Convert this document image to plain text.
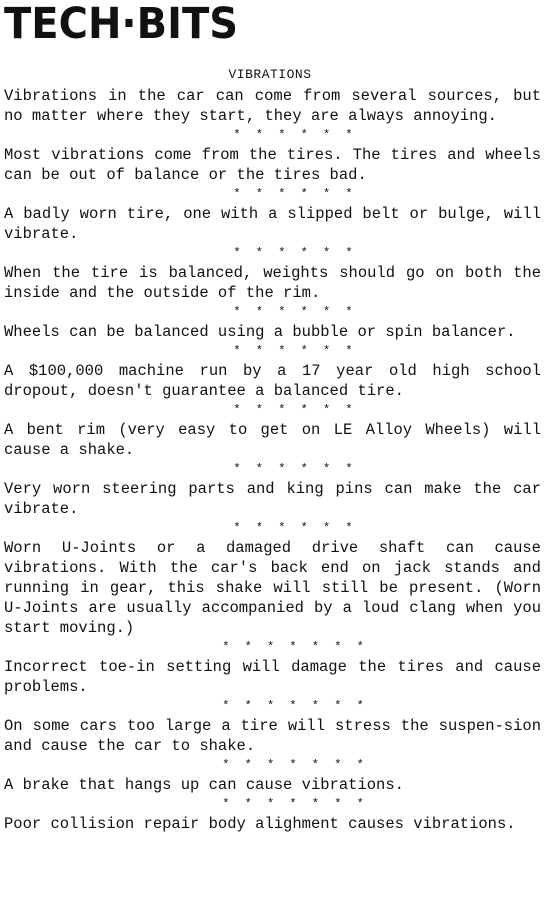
TECH·BITS
VIBRATIONS

Vibrations in the car can come from several sources, but no matter where they start, they are always annoying.

* * * * * *

Most vibrations come from the tires. The tires and wheels can be out of balance or the tires bad.

* * * * * *

A badly worn tire, one with a slipped belt or bulge, will vibrate.

* * * * * *

When the tire is balanced, weights should go on both the inside and the outside of the rim.

* * * * * *

Wheels can be balanced using a bubble or spin balancer.

* * * * * *

A $100,000 machine run by a 17 year old high school dropout, doesn't guarantee a balanced tire.

* * * * * *

A bent rim (very easy to get on LE Alloy Wheels) will cause a shake.

* * * * * *

Very worn steering parts and king pins can make the car vibrate.

* * * * * *

Worn U-Joints or a damaged drive shaft can cause vibrations. With the car's back end on jack stands and running in gear, this shake will still be present. (Worn U-Joints are usually accompanied by a loud clang when you start moving.)

* * * * * * *

Incorrect toe-in setting will damage the tires and cause problems.

* * * * * * *

On some cars too large a tire will stress the suspen-sion and cause the car to shake.

* * * * * * *

A brake that hangs up can cause vibrations.

* * * * * * *

Poor collision repair body alighment causes vibrations.
